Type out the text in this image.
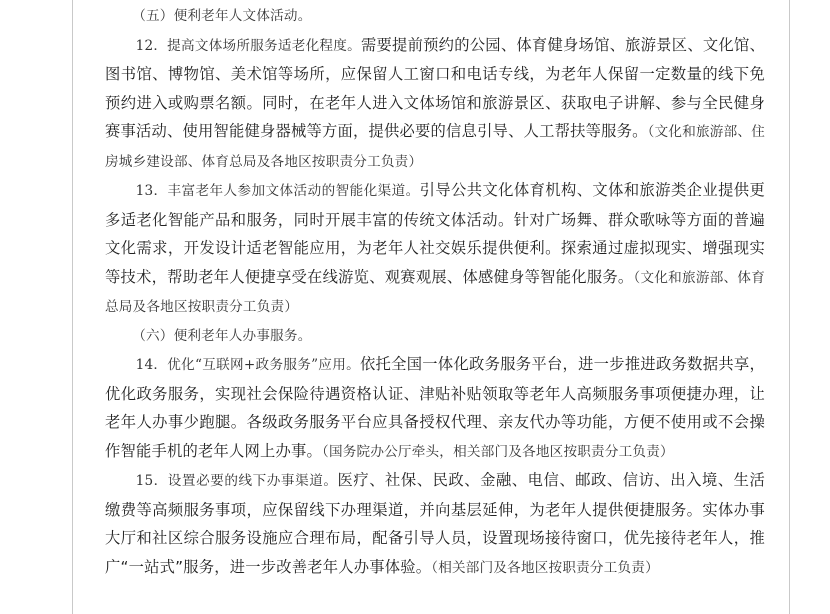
（五）便利老年人文体活动。

12．提高文体场所服务适老化程度。需要提前预约的公园、体育健身场馆、旅游景区、文化馆、图书馆、博物馆、美术馆等场所，应保留人工窗口和电话专线，为老年人保留一定数量的线下免预约进入或购票名额。同时，在老年人进入文体场馆和旅游景区、获取电子讲解、参与全民健身赛事活动、使用智能健身器械等方面，提供必要的信息引导、人工帮扶等服务。（文化和旅游部、住房城乡建设部、体育总局及各地区按职责分工负责）

13．丰富老年人参加文体活动的智能化渠道。引导公共文化体育机构、文体和旅游类企业提供更多适老化智能产品和服务，同时开展丰富的传统文体活动。针对广场舞、群众歌咏等方面的普遍文化需求，开发设计适老智能应用，为老年人社交娱乐提供便利。探索通过虚拟现实、增强现实等技术，帮助老年人便捷享受在线游览、观赛观展、体感健身等智能化服务。（文化和旅游部、体育总局及各地区按职责分工负责）

（六）便利老年人办事服务。

14．优化“互联网+政务服务”应用。依托全国一体化政务服务平台，进一步推进政务数据共享，优化政务服务，实现社会保险待遇资格认证、津贴补贴领取等老年人高频服务事项便捷办理，让老年人办事少跑腿。各级政务服务平台应具备授权代理、亲友代办等功能，方便不使用或不会操作智能手机的老年人网上办事。（国务院办公厅牵头，相关部门及各地区按职责分工负责）

15．设置必要的线下办事渠道。医疗、社保、民政、金融、电信、邮政、信访、出入境、生活缴费等高频服务事项，应保留线下办理渠道，并向基层延伸，为老年人提供便捷服务。实体办事大厅和社区综合服务设施应合理布局，配备引导人员，设置现场接待窗口，优先接待老年人，推广“一站式”服务，进一步改善老年人办事体验。（相关部门及各地区按职责分工负责）
